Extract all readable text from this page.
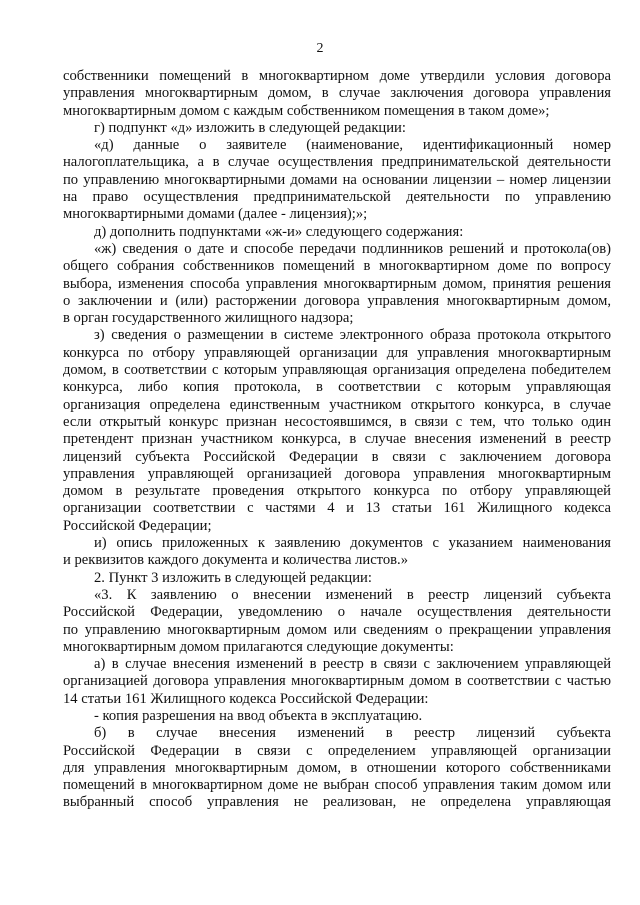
2
собственники помещений в многоквартирном доме утвердили условия договора
управления многоквартирным домом, в случае заключения договора управления
многоквартирным домом с каждым собственником помещения в таком доме»;
г) подпункт «д» изложить в следующей редакции:
«д) данные о заявителе (наименование, идентификационный номер
налогоплательщика, а в случае осуществления предпринимательской деятельности
по управлению многоквартирными домами на основании лицензии – номер лицензии
на право осуществления предпринимательской деятельности по управлению
многоквартирными домами (далее - лицензия);»;
д) дополнить подпунктами «ж-и» следующего содержания:
«ж) сведения о дате и способе передачи подлинников решений и протокола(ов)
общего собрания собственников помещений в многоквартирном доме по вопросу
выбора, изменения способа управления многоквартирным домом, принятия решения
о заключении и (или) расторжении договора управления многоквартирным домом,
в орган государственного жилищного надзора;
з) сведения о размещении в системе электронного образа протокола открытого
конкурса по отбору управляющей организации для управления многоквартирным
домом, в соответствии с которым управляющая организация определена победителем
конкурса, либо копия протокола, в соответствии с которым управляющая
организация определена единственным участником открытого конкурса, в случае
если открытый конкурс признан несостоявшимся, в связи с тем, что только один
претендент признан участником конкурса, в случае внесения изменений в реестр
лицензий субъекта Российской Федерации в связи с заключением договора
управления управляющей организацией договора управления многоквартирным
домом в результате проведения открытого конкурса по отбору управляющей
организации соответствии с частями 4 и 13 статьи 161 Жилищного кодекса
Российской Федерации;
и) опись приложенных к заявлению документов с указанием наименования
и реквизитов каждого документа и количества листов.»
2. Пункт 3 изложить в следующей редакции:
«3. К заявлению о внесении изменений в реестр лицензий субъекта
Российской Федерации, уведомлению о начале осуществления деятельности
по управлению многоквартирным домом или сведениям о прекращении управления
многоквартирным домом прилагаются следующие документы:
а) в случае внесения изменений в реестр в связи с заключением управляющей
организацией договора управления многоквартирным домом в соответствии с частью
14 статьи 161 Жилищного кодекса Российской Федерации:
- копия разрешения на ввод объекта в эксплуатацию.
б) в случае внесения изменений в реестр лицензий субъекта
Российской Федерации в связи с определением управляющей организации
для управления многоквартирным домом, в отношении которого собственниками
помещений в многоквартирном доме не выбран способ управления таким домом или
выбранный способ управления не реализован, не определена управляющая
